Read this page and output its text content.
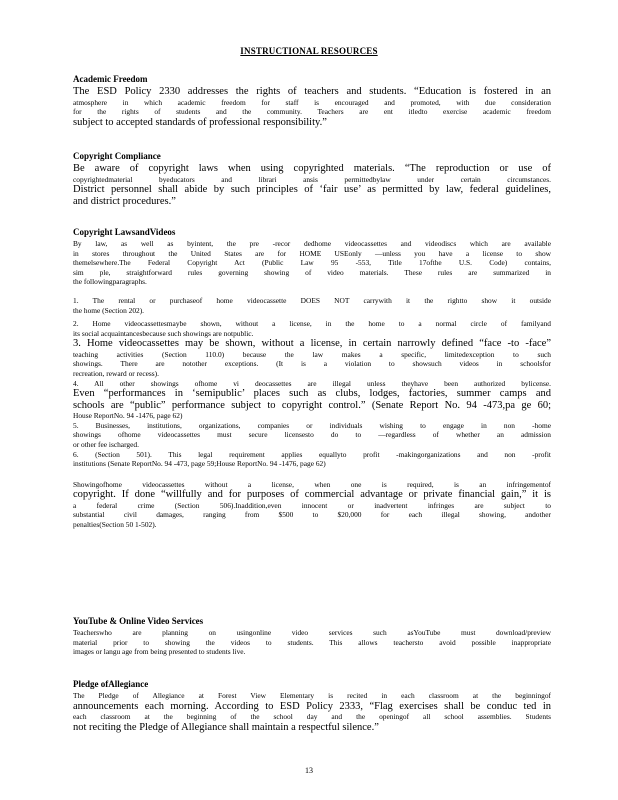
INSTRUCTIONAL RESOURCES
Academic Freedom
The ESD Policy 2330 addresses the rights of teachers and students. “Education is fostered in an
atmosphere in which academic freedom for staff is encouraged and promoted, with due consideration
for the rights of students and the community. Teachers are ent itledto exercise academic freedom
subject to accepted standards of professional responsibility.”
Copyright Compliance
Be aware of copyright laws when using copyrighted materials. “The reproduction or use of
copyrightedmaterial byeducators and librari ansis permittedbylaw under certain circumstances.
District personnel shall abide by such principles of ‘fair use’ as permitted by law, federal guidelines,
and district procedures.”
Copyright LawsandVideos
By law, as well as byintent, the pre -recor dedhome videocassettes and videodiscs which are available
in stores throughout the United States are for HOME USEonly —unless you have a license to show
themelsewhere.The Federal Copyright Act (Public Law 95 -553, Title 17ofthe U.S. Code) contains,
sim ple, straightforward rules governing showing of video materials. These rules are summarized in
the followingparagraphs.
1. The rental or purchaseof home videocassette DOES NOT carrywith it the rightto show it outside
the home (Section 202).
2. Home videocassettesmaybe shown, without a license, in the home to a normal circle of familyand
its social acquaintancesbecause such showings are notpublic.
3. Home videocassettes may be shown, without a license, in certain narrowly defined “face -to -face”
teaching activities (Section 110.0) because the law makes a specific, limitedexception to such
showings. There are notother exceptions. (It is a violation to showsuch videos in schoolsfor
recreation, reward or recess).
4. All other showings ofhome vi deocassettes are illegal unless theyhave been authorized bylicense.
Even “performances in ‘semipublic’ places such as clubs, lodges, factories, summer camps and
schools are “public” performance subject to copyright control.” (Senate Report No. 94 -473,pa ge 60;
House ReportNo. 94 -1476, page 62)
5. Businesses, institutions, organizations, companies or individuals wishing to engage in non -home
showings ofhome videocassettes must secure licensesto do to —regardless of whether an admission
or other fee ischarged.
6. (Section 501). This legal requirement applies equallyto profit -makingorganizations and non -profit
institutions (Senate ReportNo. 94 -473, page 59;House ReportNo. 94 -1476, page 62)
Showingofhome videocassettes without a license, when one is required, is an infringementof
copyright. If done “willfully and for purposes of commercial advantage or private financial gain,” it is
a federal crime (Section 506).Inaddition,even innocent or inadvertent infringes are subject to
substantial civil damages, ranging from $500 to $20,000 for each illegal showing, andother
penalties(Section 50 1-502).
YouTube & Online Video Services
Teacherswho are planning on usingonline video services such asYouTube must download/preview
material prior to showing the videos to students. This allows teachersto avoid possible inappropriate
images or langu age from being presented to students live.
Pledge ofAllegiance
The Pledge of Allegiance at Forest View Elementary is recited in each classroom at the beginningof
announcements each morning. According to ESD Policy 2333, “Flag exercises shall be conduc ted in
each classroom at the beginning of the school day and the openingof all school assemblies. Students
not reciting the Pledge of Allegiance shall maintain a respectful silence.”
13
